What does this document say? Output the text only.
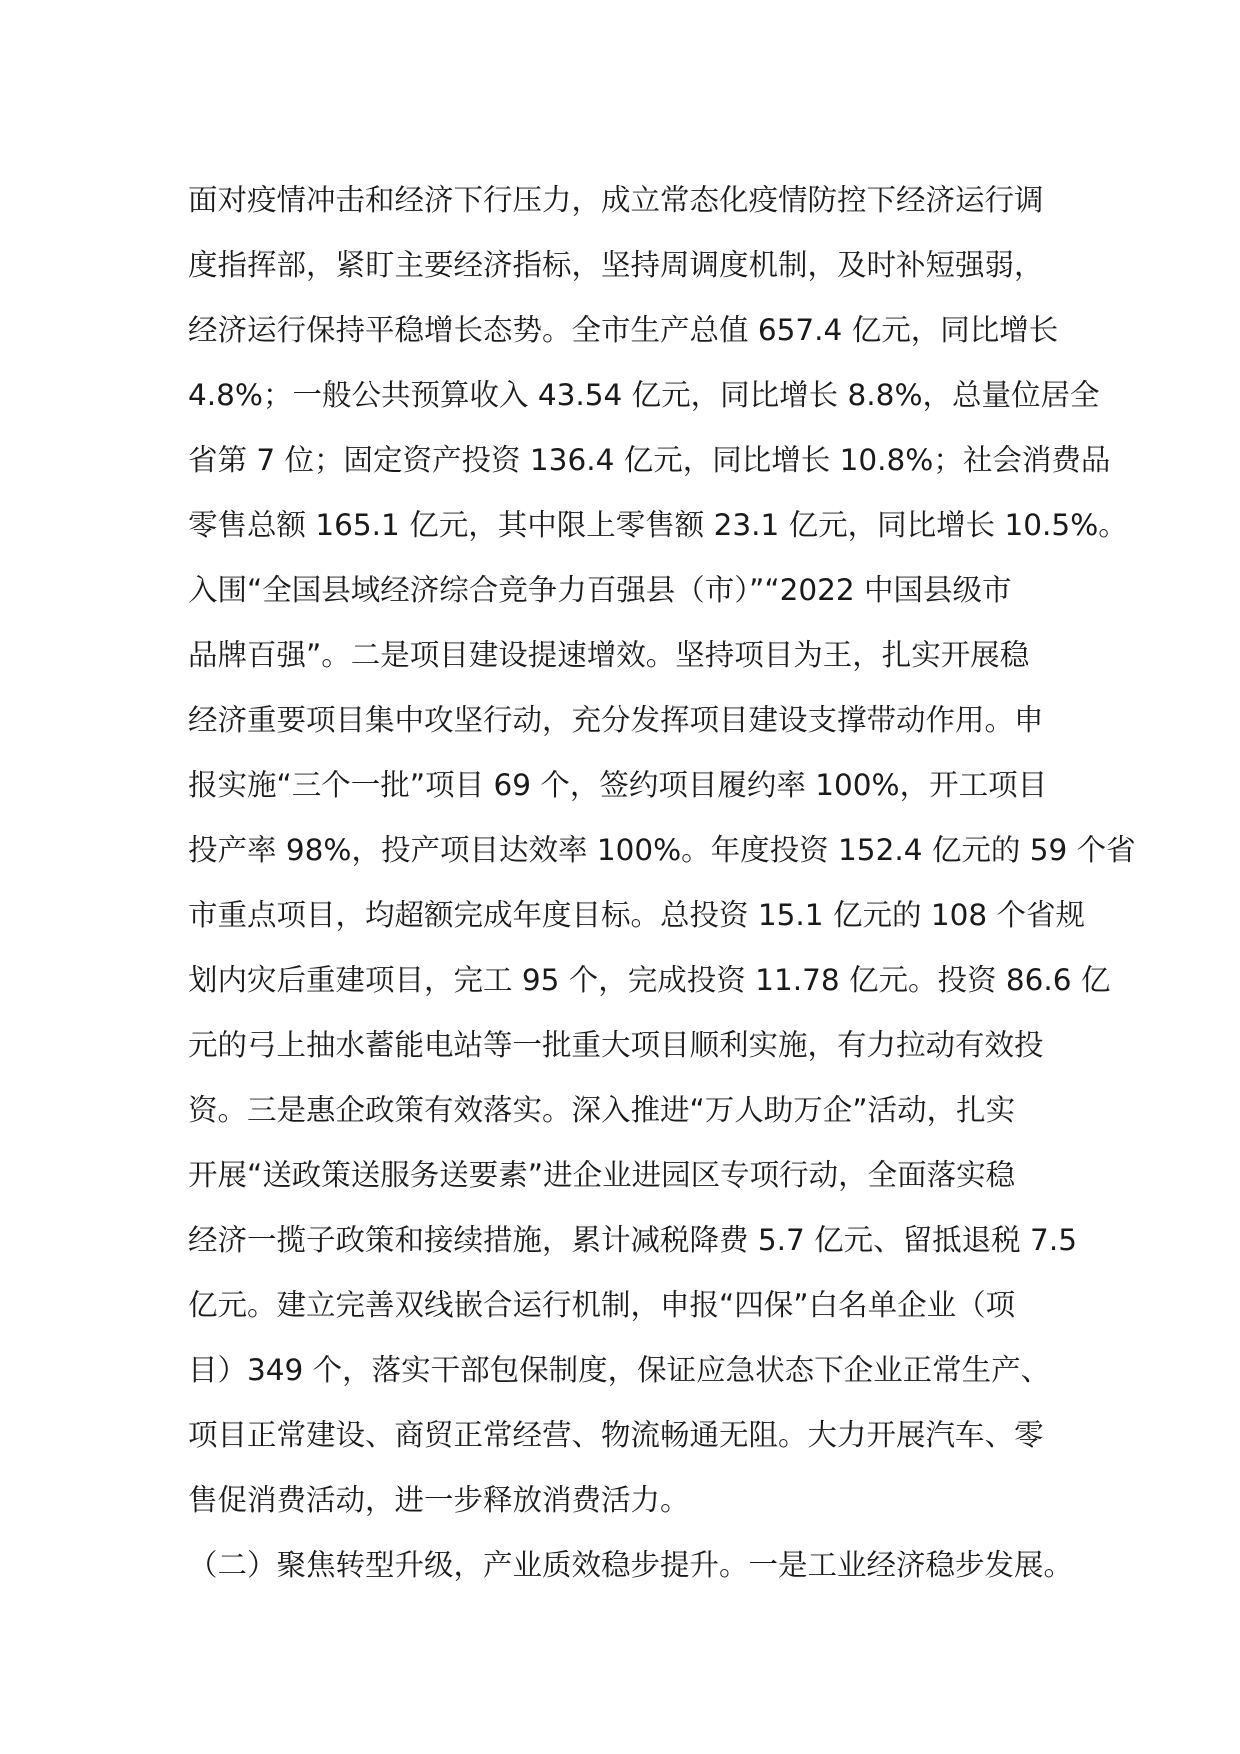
面对疫情冲击和经济下行压力，成立常态化疫情防控下经济运行调
度指挥部，紧盯主要经济指标，坚持周调度机制，及时补短强弱，
经济运行保持平稳增长态势。全市生产总值 657.4 亿元，同比增长
4.8%；一般公共预算收入 43.54 亿元，同比增长 8.8%，总量位居全
省第 7 位；固定资产投资 136.4 亿元，同比增长 10.8%；社会消费品
零售总额 165.1 亿元，其中限上零售额 23.1 亿元，同比增长 10.5%。
入围“全国县域经济综合竞争力百强县（市）”“2022 中国县级市
品牌百强”。二是项目建设提速增效。坚持项目为王，扎实开展稳
经济重要项目集中攻坚行动，充分发挥项目建设支撑带动作用。申
报实施“三个一批”项目 69 个，签约项目履约率 100%，开工项目
投产率 98%，投产项目达效率 100%。年度投资 152.4 亿元的 59 个省
市重点项目，均超额完成年度目标。总投资 15.1 亿元的 108 个省规
划内灾后重建项目，完工 95 个，完成投资 11.78 亿元。投资 86.6 亿
元的弓上抽水蓄能电站等一批重大项目顺利实施，有力拉动有效投
资。三是惠企政策有效落实。深入推进“万人助万企”活动，扎实
开展“送政策送服务送要素”进企业进园区专项行动，全面落实稳
经济一揽子政策和接续措施，累计减税降费 5.7 亿元、留抵退税 7.5
亿元。建立完善双线嵌合运行机制，申报“四保”白名单企业（项
目）349 个，落实干部包保制度，保证应急状态下企业正常生产、
项目正常建设、商贸正常经营、物流畅通无阻。大力开展汽车、零
售促消费活动，进一步释放消费活力。
（二）聚焦转型升级，产业质效稳步提升。一是工业经济稳步发展。
